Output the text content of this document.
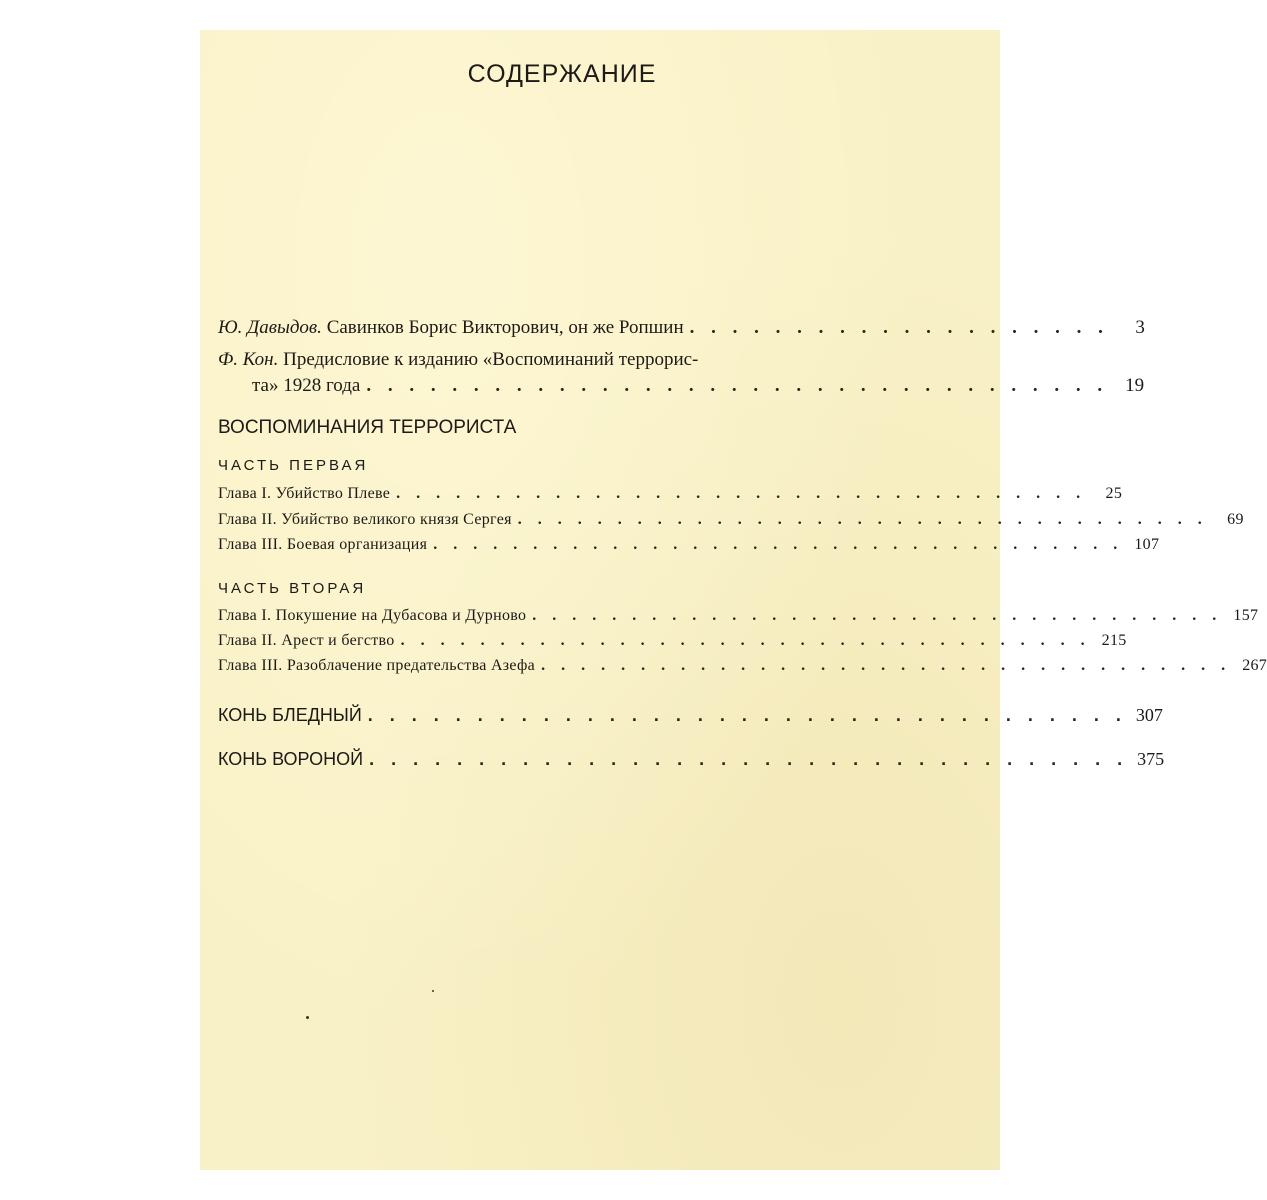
СОДЕРЖАНИЕ
Ю. Давыдов. Савинков Борис Викторович, он же Ропшин . . . . . . . . . . . . . . . . . . . .	3
Ф. Кон. Предисловие к изданию «Воспоминаний террорис-
та» 1928 года . . . . . . . . . . . . . . . . . . . . . . . . . . . . . . . . . . . 19
ВОСПОМИНАНИЯ ТЕРРОРИСТА
ЧАСТЬ ПЕРВАЯ
Глава I. Убийство Плеве . . . . . . . . . . . . . . . . . . . . . . . . . . . . . . . . . . .	25
Глава II. Убийство великого князя Сергея . . . . . . . . . . . . . . . . . . . . . . . . . . . . . . . . . . .	69
Глава III. Боевая организация . . . . . . . . . . . . . . . . . . . . . . . . . . . . . . . . . . . 107
ЧАСТЬ ВТОРАЯ
Глава I. Покушение на Дубасова и Дурново . . . . . . . . . . . . . . . . . . . . . . . . . . . . . . . . . . . 157
Глава II. Арест и бегство . . . . . . . . . . . . . . . . . . . . . . . . . . . . . . . . . . . 215
Глава III. Разоблачение предательства Азефа . . . . . . . . . . . . . . . . . . . . . . . . . . . . . . . . . . . 267
КОНЬ БЛЕДНЫЙ . . . . . . . . . . . . . . . . . . . . . . . . . . . . . . . . . . . 307
КОНЬ ВОРОНОЙ . . . . . . . . . . . . . . . . . . . . . . . . . . . . . . . . . . . 375
